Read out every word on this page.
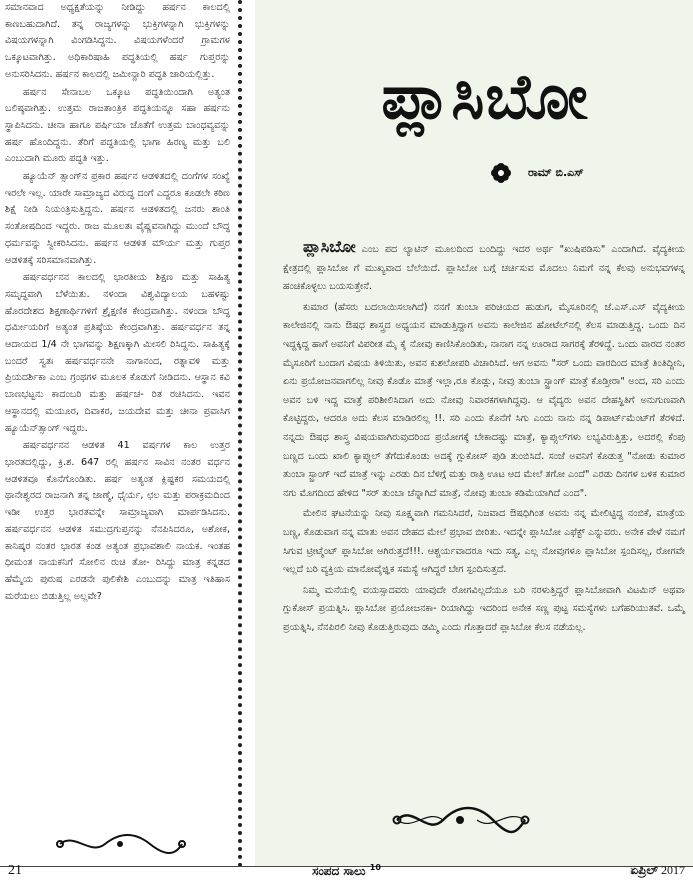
ಸಮಾನವಾದ ಅಧ್ಯಕ್ಷತೆಯನ್ನು ನೀಡಿದ್ದು ಹರ್ಷನ ಕಾಲದಲ್ಲಿ ಕಾಣಬಹುದಾಗಿದೆ. ತನ್ನ ರಾಜ್ಯಗಳನ್ನು ಭುಕ್ತಿಗಳನ್ನಾಗಿ ಭುಕ್ತಿಗಳನ್ನು ವಿಷಯಗಳನ್ನಾಗಿ ವಿಂಗಡಿಸಿದ್ದನು. ವಿಷಯಗಳೆಂದರೆ ಗ್ರಾಮಗಳ ಒಕ್ಕೂಟವಾಗಿತ್ತು. ಅಧಿಕಾರಿಷಾಹಿ ಪದ್ಧತಿಯಲ್ಲಿ ಹರ್ಷ ಗುಪ್ತರನ್ನು ಅನುಸರಿಸಿದನು. ಹರ್ಷನ ಕಾಲದಲ್ಲಿ ಜಮೀನ್ದಾರಿ ಪದ್ಧತಿ ಜಾರಿಯಲ್ಲಿತ್ತು.

ಹರ್ಷನ ಸೇನಾಬಲ ಒಕ್ಕೂಟ ಪದ್ಧತಿಯಿಂದಾಗಿ ಅತ್ಯಂತ ಬಲಿಷ್ಠವಾಗಿತ್ತು. ಉತ್ತಮ ರಾಜತಾಂತ್ರಿಕ ಪದ್ಧತಿಯನ್ನೂ ಸಹಾ ಹರ್ಷನು ಸ್ಥಾಪಿಸಿದನು. ಚೀನಾ ಹಾಗೂ ಪರ್ಷಿಯಾ ಜೊತೆಗೆ ಉತ್ತಮ ಬಾಂಧವ್ಯವನ್ನು ಹರ್ಷ ಹೊಂದಿದ್ದನು. ತೆರಿಗೆ ಪದ್ಧತಿಯಲ್ಲಿ ಭಾಗಾ ಹಿರಣ್ಯ ಮತ್ತು ಬಲಿ ಎಂಬುದಾಗಿ ಮೂರು ಪದ್ಧತಿ ಇತ್ತು.

ಹ್ಯೂಯೆನ್ ತ್ಸಾಂಗ್‌ನ ಪ್ರಕಾರ ಹರ್ಷನ ಆಡಳಿತದಲ್ಲಿ ದಂಗೆಗಳ ಸಂಖ್ಯೆ ಇರಲೇ ಇಲ್ಲ. ಯಾರೇ ಸಾಮ್ರಾಜ್ಯದ ವಿರುದ್ಧ ದಂಗೆ ಎದ್ದರೂ ಕೂಡಲೇ ಕಠಿಣ ಶಿಕ್ಷೆ ನೀಡಿ ನಿಯಂತ್ರಿಸುತ್ತಿದ್ದನು. ಹರ್ಷನ ಆಡಳಿತದಲ್ಲಿ ಜನರು ಶಾಂತಿ ಸಂತೋಷದಿಂದ ಇದ್ದರು. ರಾಜ ಮೂಲತಃ ವೈಷ್ಣವನಾಗಿದ್ದು ಮುಂದೆ ಬೌದ್ಧ ಧರ್ಮವನ್ನು ಸ್ವೀಕರಿಸಿದನು. ಹರ್ಷನ ಆಡಳಿತ ಮೌರ್ಯ ಮತ್ತು ಗುಪ್ತರ ಆಡಳಿತಕ್ಕೆ ಸರಿಸಮಾನವಾಗಿತ್ತು.

ಹರ್ಷವರ್ಧನನ ಕಾಲದಲ್ಲಿ ಭಾರತೀಯ ಶಿಕ್ಷಣ ಮತ್ತು ಸಾಹಿತ್ಯ ಸಮೃದ್ಧವಾಗಿ ಬೆಳೆಯಿತು. ನಳಂದಾ ವಿಶ್ವವಿದ್ಯಾಲಯ ಬಹಳಷ್ಟು ಹೊರದೇಶದ ಶಿಕ್ಷಣಾರ್ಥಿಗಳಿಗೆ ಶ್ರೈಕ್ಷಣಿಕ ಕೇಂದ್ರವಾಗಿತ್ತು. ನಳಂದಾ ಬೌದ್ಧ ಧರ್ಮೀಯರಿಗೆ ಅತ್ಯಂತ ಪ್ರತಿಷ್ಠೆಯ ಕೇಂದ್ರವಾಗಿತ್ತು. ಹರ್ಷವರ್ಧನ ತನ್ನ ಆದಾಯದ 1/4 ನೇ ಭಾಗವನ್ನು ಶಿಕ್ಷಣಕ್ಕಾಗಿ ಮೀಸಲಿ ರಿಸಿದ್ದನು. ಸಾಹಿತ್ಯಕ್ಕೆ ಬಂದರೆ ಸ್ವತಃ ಹರ್ಷವರ್ಧನನೇ ನಾಗಾನಂದ, ರತ್ನಾವಳಿ ಮತ್ತು ಪ್ರಿಯದರ್ಶಿಕಾ ಎಂಬ ಗ್ರಂಥಗಳ ಮೂಲಕ ಕೊಡುಗೆ ನೀಡಿದನು. ಆಸ್ಥಾನ ಕವಿ ಬಾಣಭಟ್ಟನು ಕಾದಂಬರಿ ಮತ್ತು ಹರ್ಷಚ- ರಿತ ರಚಿಸಿದನು. ಇವನ ಆಸ್ಥಾನದಲ್ಲಿ ಮಯೂರ, ದಿವಾಕರ, ಜಯದೇವ ಮತ್ತು ಚೀನಾ ಪ್ರವಾಸಿಗ ಹ್ಯೂಯೆನ್‌ತ್ಸಾಂಗ್ ಇದ್ದರು.

ಹರ್ಷವರ್ಧನನ ಆಡಳಿತ 41 ವರ್ಷಗಳ ಕಾಲ ಉತ್ತರ ಭಾರತದಲ್ಲಿದ್ದು, ಕ್ರಿ.ಶ. 647 ರಲ್ಲಿ ಹರ್ಷನ ಸಾವಿನ ನಂತರ ವರ್ಧನ ಆಡಳಿತವೂ ಕೊನೆಗೊಂಡಿತು. ಹರ್ಷ ಅತ್ಯಂತ ಕ್ಲಿಷ್ಟಕರ ಸಮಯದಲ್ಲಿ ಥಾನೇಶ್ವರದ ರಾಜನಾಗಿ ತನ್ನ ಜಾಣ್ಮೆ, ಧೈರ್ಯ, ಛಲ ಮತ್ತು ಪರಾಕ್ರಮದಿಂದ ಇಡೀ ಉತ್ತರ ಭಾರತವನ್ನೇ ಸಾಮ್ರಾಜ್ಯವಾಗಿ ಮಾರ್ಪಡಿಸಿದನು. ಹರ್ಷವರ್ಧನನ ಆಡಳಿತ ಸಮುದ್ರಗುಪ್ತನನ್ನು ನೆನಪಿಸಿದರೂ, ಅಶೋಕ, ಕಾನಿಷ್ಕರ ನಂತರ ಭಾರತ ಕಂಡ ಅತ್ಯಂತ ಪ್ರಭಾವಶಾಲಿ ನಾಯಕ. ಇಂತಹ ಧೀಮಂತ ನಾಯಕನಿಗೆ ಸೋಲಿನ ರುಚಿ ತೋ- ರಿಸಿದ್ದು ಮಾತ್ರ ಕನ್ನಡದ ಹೆಮ್ಮೆಯ ಪುರುಷ ಎರಡನೇ ಪುಲಿಕೇಶಿ ಎಂಬುದನ್ನು ಮಾತ್ರ ಇತಿಹಾಸ ಮರೆಯಲು ಬಿಡುತ್ತಿಲ್ಲ ಅಲ್ಲವೇ?

ಪ್ಲಾಸಿಬೋ
ರಾಮ್ ಬಿ.ಎಸ್

ಪ್ಲಾಸಿಬೋ ಎಂಬ ಪದ ಲ್ಯಾಟಿನ್ ಮೂಲದಿಂದ ಬಂದಿದ್ದು ಇದರ ಅರ್ಥ "ಖುಷಿಪಡಿಸು" ಎಂದಾಗಿದೆ. ವೈದ್ಯಕೀಯ ಕ್ಷೇತ್ರದಲ್ಲಿ ಪ್ಲಾಸಿಬೋ ಗೆ ಮುಖ್ಯವಾದ ಬೆಲೆಯಿದೆ. ಪ್ಲಾಸಿಬೋ ಬಗ್ಗೆ ಚರ್ಚಿಸುವ ಮೊದಲು ನಿಮಗೆ ನನ್ನ ಕೆಲವು ಅನುಭವಗಳನ್ನ ಹಂಚಿಕೊಳ್ಳಲು ಬಯಸುತ್ತೇನೆ.

ಕುಮಾರ (ಹೆಸರು ಬದಲಾಯಿಸಲಾಗಿದೆ) ನನಗೆ ತುಂಬಾ ಪರಿಚಿಯದ ಹುಡುಗ, ಮೈಸೂರಿನಲ್ಲಿ ಜೆ.ಎಸ್.ಎಸ್ ವೈದ್ಯಕೀಯ ಕಾಲೇಜಿನಲ್ಲಿ ನಾನು ಔಷಧ ಶಾಸ್ತ್ರದ ಅಧ್ಯಯನ ಮಾಡುತ್ತಿದ್ದಾಗ ಅವನು ಕಾಲೇಜಿನ ಹೋಟೆಲ್‌ನಲ್ಲಿ ಕೆಲಸ ಮಾಡುತ್ತಿದ್ದ. ಒಂದು ದಿನ ಇದ್ದಕ್ಕಿದ್ದ ಹಾಗೆ ಅವನಿಗೆ ವಿಪರೀತ ಮೈ ಕೈ ನೋವು ಕಾಣಿಸಿಕೊಂಡಿತು, ನಾನಾಗ ನನ್ನ ಊರಾದ ಸಾಗರಕ್ಕೆ ತೆರಳಿದ್ದೆ. ಒಂದು ವಾರದ ನಂತರ ಮೈಸೂರಿಗೆ ಬಂದಾಗ ವಿಷಯ ತಿಳಿಯಿತು, ಅವನ ಕುಶಲೋಪರಿ ವಿಚಾರಿಸಿದೆ. ಆಗ ಅವನು "ಸರ್ ಒಂದು ವಾರದಿಂದ ಮಾತ್ರೆ ತಿಂತಿದ್ದೀನಿ, ಏನು ಪ್ರಯೋಜನವಾಗಲಿಲ್ಲ ನೀವು ಕೊಡೊ ಮಾತ್ರೆ ಇಲ್ಲಾ,ರೂ ಕೊಡ್ಲು, ನೀವು ತುಂಬಾ ಸ್ಟ್ರಾಂಗ್ ಮಾತ್ರೆ ಕೊಡ್ತೀರಾ" ಅಂದ, ಸರಿ ಎಂದು ಅವನ ಬಳಿ ಇದ್ದ ಮಾತ್ರೆ ಪರಿಶೀಲಿಸಿದಾಗ ಅದು ನೋವು ನಿವಾರಕಗಳಾಗಿದ್ದವು. ಆ ವೈದ್ಯರು ಅವನ ದೇಹಸ್ಥಿತಿಗೆ ಅನುಗುಣವಾಗಿ ಕೊಟ್ಟಿದ್ದರು, ಆದರೂ ಅದು ಕೆಲಸ ಮಾಡಿರಲಿಲ್ಲ !!. ಸರಿ ಎಂದು ಕೊನೆಗೆ ಸಿಗು ಎಂದು ನಾನು ನನ್ನ ಡಿಪಾರ್ಟ್‌ಮೆಂಟ್‌ಗೆ ತೆರಳಿದೆ. ನನ್ನದು ಔಷಧ ಶಾಸ್ತ್ರ ವಿಷಯವಾಗಿರುವುದರಿಂದ ಪ್ರಯೋಗಕ್ಕೆ ಬೇಕಾದಷ್ಟು ಮಾತ್ರೆ, ಕ್ಯಾಪ್ಸುಲ್‌ಗಳು ಲಭ್ಯವಿರುತ್ತಿತ್ತು, ಅದರಲ್ಲಿ ಕೆಂಪು ಬಣ್ಣದ ಒಂದು ಖಾಲಿ ಕ್ಯಾಪ್ಸುಲ್ ತೆಗೆದುಕೊಂಡು ಅದಕ್ಕೆ ಗ್ಲುಕೋಸ್ ಪುಡಿ ತುಂಬಿಸಿದೆ. ಸಂಜೆ ಅವನಿಗೆ ಕೊಡುತ್ತ "ನೋಡು ಕುಮಾರ ತುಂಬಾ ಸ್ಟ್ರಾಂಗ್ ಇದೆ ಮಾತ್ರೆ ಇನ್ನು ಎರಡು ದಿನ ಬೆಳಿಗ್ಗೆ ಮತ್ತು ರಾತ್ರಿ ಊಟ ಆದ ಮೇಲೆ ತಗೋ ಎಂದೆ" ಎರಡು ದಿನಗಳ ಬಳಿಕ ಕುಮಾರ ನಗು ಮೊಗದಿಂದ ಹೇಳಿದ "ಸರ್ ತುಂಬಾ ಚೆನ್ನಾಗಿದೆ ಮಾತ್ರೆ, ನೋವು ತುಂಬಾ ಕಡಿಮೆಯಾಗಿದೆ ಎಂದ".

ಮೇಲಿನ ಘಟನೆಯನ್ನು ನೀವು ಸೂಕ್ಷ್ಮವಾಗಿ ಗಮನಿಸಿದರೆ, ನಿಜವಾದ ಔಷಧಿಗಿಂತ ಅವನು ನನ್ನ ಮೇಲಿಟ್ಟಿದ್ದ ನಂಬಿಕೆ, ಮಾತ್ರೆಯ ಬಣ್ಣ, ಕೊಡುವಾಗ ನನ್ನ ಮಾತು ಅವನ ದೇಹದ ಮೇಲೆ ಪ್ರಭಾವ ಬೀರಿತು. ಇದನ್ನೇ ಪ್ಲಾಸಿಬೋ ಎಫೆಕ್ಟ್ ಎನ್ನುವರು. ಅನೇಕ ವೇಳೆ ನಮಗೆ ಸಿಗುವ ಟ್ರೀಟ್ಮೆಂಟ್ ಪ್ಲಾಸಿಬೋ ಆಗಿರುತ್ತದೆ!!!. ಆಶ್ಚರ್ಯವಾದರೂ ಇದು ಸತ್ಯ, ಎಲ್ಲ ನೋವುಗಳೂ ಪ್ಲಾಸಿಬೋ ಸ್ಪಂದಿಸಲ್ಲ, ರೋಗವೇ ಇಲ್ಲದೆ ಬರಿ ವ್ಯಕ್ತಿಯ ಮಾನೋವೈಜ್ಞಿಕ ಸಮಸ್ಯೆ ಆಗಿದ್ದರೆ ಬೇಗ ಸ್ಪಂದಿಸುತ್ತದೆ.

ನಿಮ್ಮ ಮನೆಯಲ್ಲಿ ವಯಸ್ಸಾದವರು ಯಾವುದೇ ರೋಗವಿಲ್ಲದೆಯೂ ಬರಿ ನರಳುತ್ತಿದ್ದರೆ ಪ್ಲಾಸಿಬೋವಾಗಿ ವಿಟಮಿನ್ ಅಥವಾ ಗ್ಲುಕೋಸ್ ಪ್ರಯತ್ನಿಸಿ. ಪ್ಲಾಸಿಬೋ ಪ್ರಯೋಜನಕಾ- ರಿಯಾಗಿದ್ದು ಇದರಿಂದ ಅನೇಕ ಸಣ್ಣ ಪುಟ್ಟ ಸಮಸ್ಯೆಗಳು ಬಗೆಹರಿಯುತವೆ. ಒಮ್ಮೆ ಪ್ರಯತ್ನಿಸಿ, ನೆನಪಿರಲಿ ನೀವು ಕೊಡುತ್ತಿರುವುದು ಡಮ್ಮಿ ಎಂದು ಗೊತ್ತಾದರೆ ಪ್ಲಾಸಿಬೋ ಕೆಲಸ ನಡೆಯಲ್ಲ.

21	ಸಂಪದ ಸಾಲು $^{10}$	ಏಪ್ರಿಲ್ 2017
